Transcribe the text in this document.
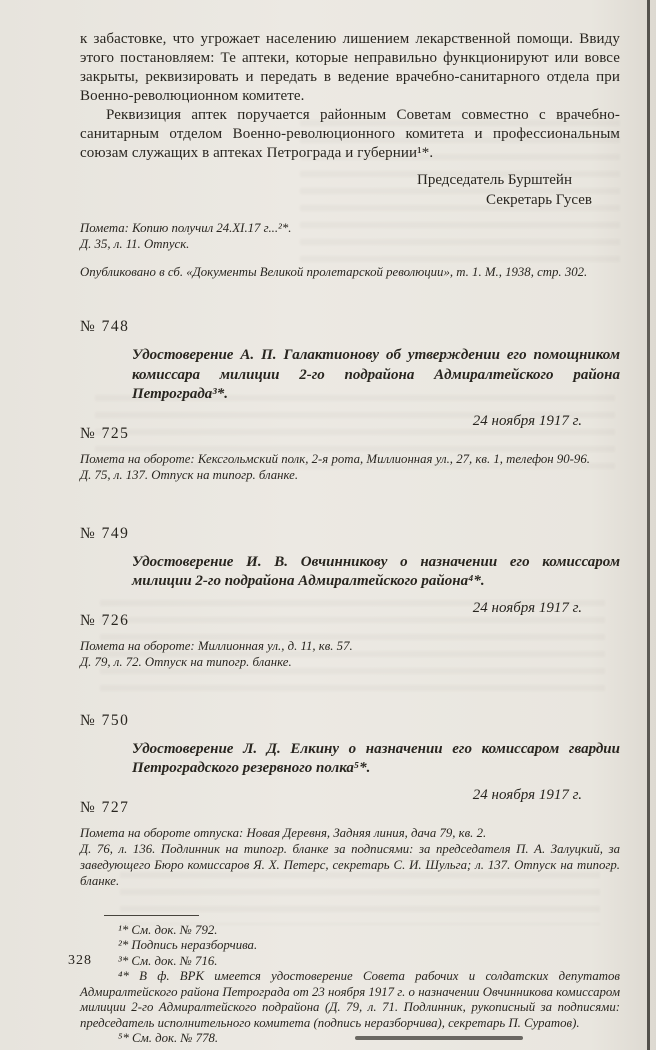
к забастовке, что угрожает населению лишением лекарственной помощи. Ввиду этого постановляем: Те аптеки, которые неправильно функционируют или вовсе закрыты, реквизировать и передать в ведение врачебно-санитарного отдела при Военно-революционном комитете.

Реквизиция аптек поручается районным Советам совместно с врачебно-санитарным отделом Военно-революционного комитета и профессиональным союзам служащих в аптеках Петрограда и губернии¹*.

Председатель Бурштейн
Секретарь Гусев
Помета: Копию получил 24.XI.17 г...²*.
Д. 35, л. 11. Отпуск.
Опубликовано в сб. «Документы Великой пролетарской революции», т. 1. М., 1938, стр. 302.
№ 748
Удостоверение А. П. Галактионову об утверждении его помощником комиссара милиции 2-го подрайона Адмиралтейского района Петрограда³*.
№ 725
24 ноября 1917 г.

Помета на обороте: Кексгольмский полк, 2-я рота, Миллионная ул., 27, кв. 1, телефон 90-96.

Д. 75, л. 137. Отпуск на типогр. бланке.

№ 749
Удостоверение И. В. Овчинникову о назначении его комиссаром милиции 2-го подрайона Адмиралтейского района⁴*.
№ 726
24 ноября 1917 г.

Помета на обороте: Миллионная ул., д. 11, кв. 57.

Д. 79, л. 72. Отпуск на типогр. бланке.

№ 750
Удостоверение Л. Д. Елкину о назначении его комиссаром гвардии Петроградского резервного полка⁵*.
№ 727
24 ноября 1917 г.

Помета на обороте отпуска: Новая Деревня, Задняя линия, дача 79, кв. 2.

Д. 76, л. 136. Подлинник на типогр. бланке за подписями: за председателя П. А. Залуцкий, за заведующего Бюро комиссаров Я. Х. Петерс, секретарь С. И. Шульга; л. 137. Отпуск на типогр. бланке.

¹* См. док. № 792.

²* Подпись неразборчива.

³* См. док. № 716.

⁴* В ф. ВРК имеется удостоверение Совета рабочих и солдатских депутатов Адмиралтейского района Петрограда от 23 ноября 1917 г. о назначении Овчинникова комиссаром милиции 2-го Адмиралтейского подрайона (Д. 79, л. 71. Подлинник, рукописный за подписями: председатель исполнительного комитета (подпись неразборчива), секретарь П. Суратов).

⁵* См. док. № 778.

328
